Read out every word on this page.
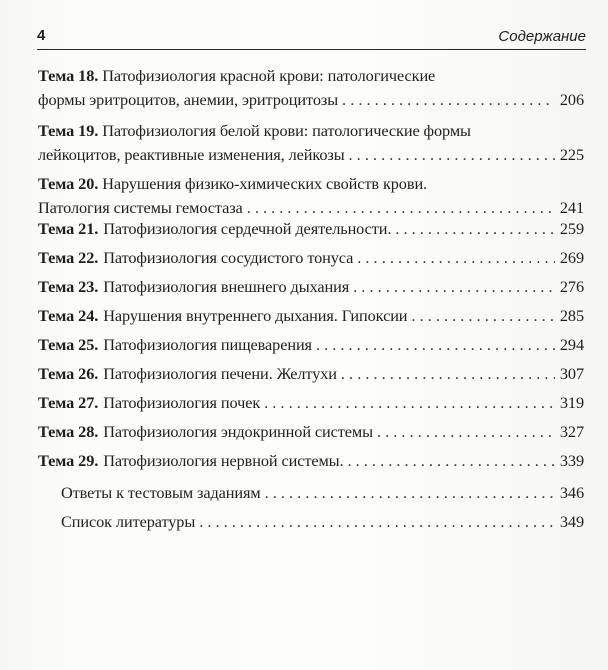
4	Содержание
Тема 18. Патофизиология красной крови: патологические
формы эритроцитов, анемии, эритроцитозы . . .	206
Тема 19. Патофизиология белой крови: патологические формы
лейкоцитов, реактивные изменения, лейкозы . . .	225
Тема 20. Нарушения физико-химических свойств крови.
Патология системы гемостаза . . .	241
Тема 21. Патофизиология сердечной деятельности. . . .	259
Тема 22. Патофизиология сосудистого тонуса . . .	269
Тема 23. Патофизиология внешнего дыхания . . .	276
Тема 24. Нарушения внутреннего дыхания. Гипоксии . . .	285
Тема 25. Патофизиология пищеварения . . .	294
Тема 26. Патофизиология печени. Желтухи . . .	307
Тема 27. Патофизиология почек . . .	319
Тема 28. Патофизиология эндокринной системы . . .	327
Тема 29. Патофизиология нервной системы. . . .	339
Ответы к тестовым заданиям . . .	346
Список литературы . . .	349
